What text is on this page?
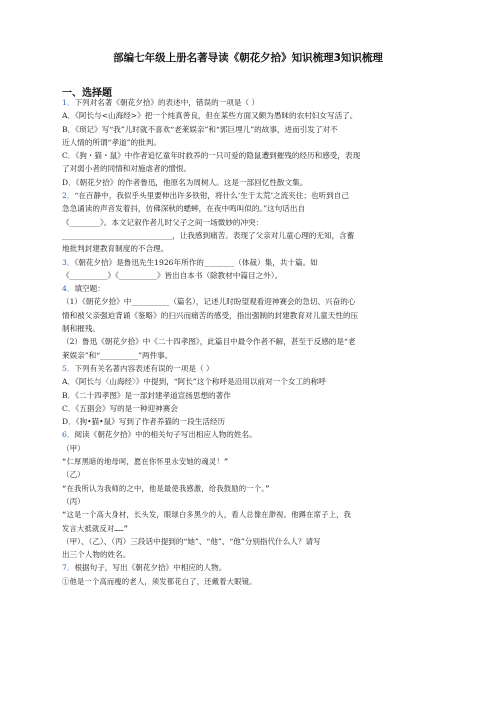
部编七年级上册名著导读《朝花夕拾》知识梳理3知识梳理
一、选择题
1．下列对名著《朝花夕拾》的表述中，错误的一项是（ ）
A．《阿长与<山海经>》把一个纯真善良，但在某些方面又颇为愚昧的农村妇女写活了。
B．《琐记》写“我”儿时就不喜欢“老莱娱亲”和“郭巨埋儿”的故事，进而引发了对不
近人情的所谓“孝道”的批判。
C．《狗・猫・鼠》中作者追忆童年时救养的一只可爱的隐鼠遭到摧残的经历和感受，表现
了对弱小者的同情和对施虐者的憎恨。
D．《朝花夕拾》的作者鲁迅，他原名为周树人。这是一部回忆性散文集。
2．“在百静中，我似乎头里要伸出许多铁钳，将什么‘生于太荒’之流夹住；也听到自己
急急诵读的声音发着抖，仿佛深秋的蟋蟀，在夜中鸣叫似的。”这句话出自
《________》。本文记叙作者儿时父子之间一场微妙的冲突：
_____________________________，让我感到痛苦。表现了父亲对儿童心理的无知，含蓄
地批判封建教育制度的不合理。
3．《朝花夕拾》是鲁迅先生1926年所作的________（体裁）集，共十篇。如
《__________》《__________》皆出自本书（除教材中篇目之外）。
4．填空题：
（1）《朝花夕拾》中__________（篇名），记述儿时盼望观看迎神赛会的急切、兴奋的心
情和被父亲强迫背诵《鉴略》的扫兴而痛苦的感受，指出强制的封建教育对儿童天性的压
制和摧残。
（2）鲁迅《朝花夕拾》中《二十四孝图》，此篇目中最令作者不解，甚至于反感的是“老
莱娱亲”和“__________”两件事。
5．下列有关名著内容表述有误的一项是（ ）
A．《阿长与〈山海经〉》中提到，“阿长”这个称呼是沿用以前对一个女工的称呼
B．《二十四孝图》是一部封建孝道宣扬思想的著作
C．《五猖会》写的是一种迎神赛会
D．《狗•猫•鼠》写到了作者养猫的一段生活经历
6．阅读《朝花夕拾》中的相关句子写出相应人物的姓名。
（甲）
“仁厚黑暗的地母呵，愿在你怀里永安她的魂灵！”
（乙）
“在我所认为我师的之中，他是最使我感激，给我鼓励的一个。”
（丙）
“这是一个高大身材，长头发，眼球白多黑少的人，看人总像在渺视。他蹲在席子上，我
发言大抵就反对……”
（甲）、（乙）、（丙）三段话中提到的“她”、“他”、“他”分别指代什么人？请写
出三个人物的姓名。
7．根据句子，写出《朝花夕拾》中相应的人物。
①他是一个高而瘦的老人，须发都花白了，还戴着大眼镜。
